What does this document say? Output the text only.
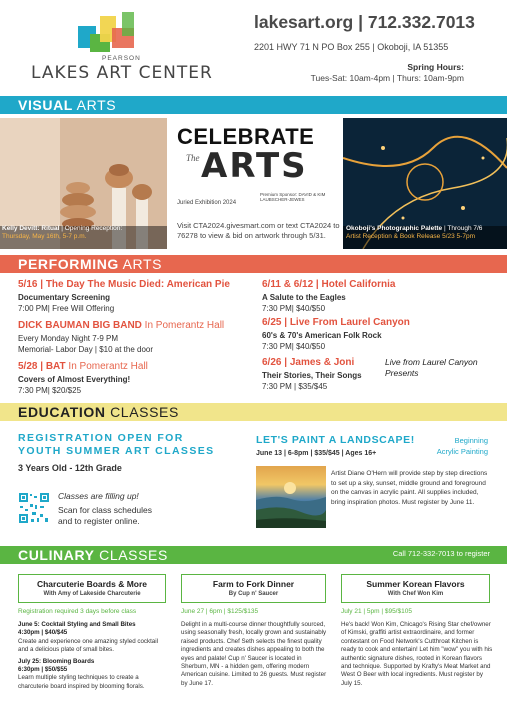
PEARSON
LAKES ART CENTER
lakesart.org | 712.332.7013
2201 HWY 71 N PO Box 255 | Okoboji, IA 51355
Spring Hours:
Tues-Sat: 10am-4pm | Thurs: 10am-9pm
VISUAL ARTS
Kelly Devitt: Ritual | Opening Reception:
Thursday, May 16th, 5-7 p.m.
CELEBRATE
The ARTS
Juried Exhibition 2024
Premium Sponsor: DAVID & KIM LAUBSCHER-JEWES
Visit CTA2024.givesmart.com or text CTA2024 to 76278 to view & bid on artwork through 5/31.
Okoboji's Photographic Palette | Through 7/6
Artist Reception & Book Release 5/23 5-7pm
PERFORMING ARTS
5/16 | The Day The Music Died: American Pie
Documentary Screening
7:00 PM| Free Will Offering
DICK BAUMAN BIG BAND In Pomerantz Hall
Every Monday Night 7-9 PM
Memorial- Labor Day | $10 at the door
5/28 | BAT In Pomerantz Hall
Covers of Almost Everything!
7:30 PM| $20/$25
6/11 & 6/12 | Hotel California
A Salute to the Eagles
7:30 PM| $40/$50
6/25 | Live From Laurel Canyon
60's & 70's American Folk Rock
7:30 PM| $40/$50
6/26 | James & Joni
Their Stories, Their Songs
7:30 PM | $35/$45
Live from Laurel Canyon Presents
EDUCATION CLASSES
REGISTRATION OPEN FOR
YOUTH SUMMER ART CLASSES
3 Years Old - 12th Grade
Classes are filling up!
Scan for class schedules
and to register online.
LET'S PAINT A LANDSCAPE!	Beginning
Acrylic Painting
June 13 | 6-8pm | $35/$45 | Ages 16+
Artist Diane O'Hern will provide step by step directions to set up a sky, sunset, middle ground and foreground on the canvas in acrylic paint. All supplies included, bring inspiration photos. Must register by June 11.
CULINARY CLASSES	Call 712-332-7013 to register
Charcuterie Boards & More
With Amy of Lakeside Charcuterie
Registration required 3 days before class
June 5: Cocktail Styling and Small Bites
4:30pm | $40/$45
Create and experience one amazing styled cocktail and a delicious plate of small bites.

July 25: Blooming Boards
6:30pm | $50/$55
Learn multiple styling techniques to create a charcuterie board inspired by blooming florals.
Farm to Fork Dinner
By Cup n' Saucer
June 27 | 6pm | $125/$135
Delight in a multi-course dinner thoughtfully sourced, using seasonally fresh, locally grown and sustainably raised products. Chef Seth selects the finest quality ingredients and creates dishes appealing to both the eyes and palate! Cup n' Saucer is located in Sherburn, MN - a hidden gem, offering modern American cuisine. Limited to 26 guests. Must register by June 17.
Summer Korean Flavors
With Chef Won Kim
July 21 | 5pm | $95/$105
He's back! Won Kim, Chicago's Rising Star chef/owner of Kimski, graffiti artist extraordinaire, and former contestant on Food Network's Cutthroat Kitchen is ready to cook and entertain! Let him "wow" you with his authentic signature dishes, rooted in Korean flavors and technique. Supported by Krafty's Meat Market and West O Beer with local ingredients. Must register by July 15.
